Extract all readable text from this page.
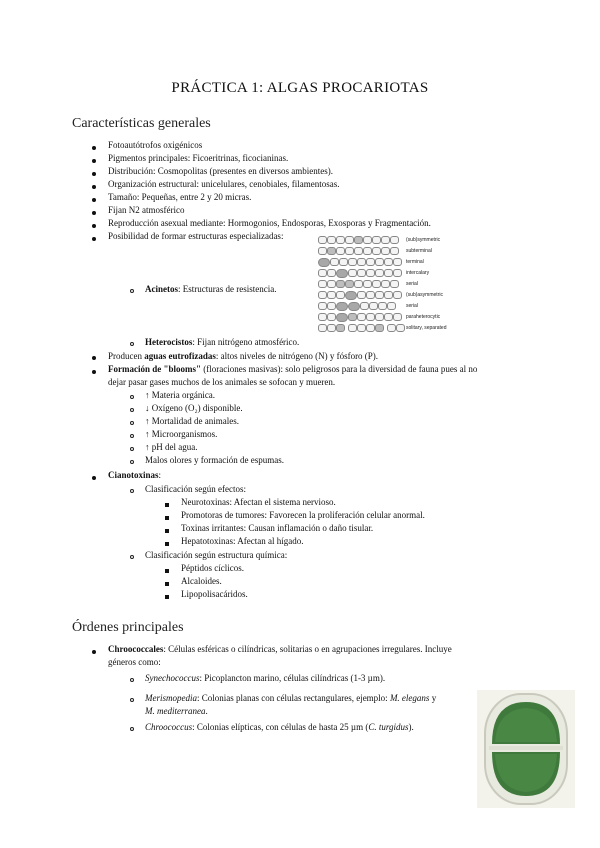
PRÁCTICA 1: ALGAS PROCARIOTAS
Características generales
Fotoautótrofos oxigénicos
Pigmentos principales: Ficoeritrinas, ficocianinas.
Distribución: Cosmopolitas (presentes en diversos ambientes).
Organización estructural: unicelulares, cenobiales, filamentosas.
Tamaño: Pequeñas, entre 2 y 20 micras.
Fijan N2 atmosférico
Reproducción asexual mediante: Hormogonios, Endosporas, Exosporas y Fragmentación.
Posibilidad de formar estructuras especializadas:	(sub)symmetric
subterminal
terminal
intercalary
serial
(sub)asymmetric
serial
paraheterocytic
solitary, separated
Acinetos: Estructuras de resistencia.
Heterocistos: Fijan nitrógeno atmosférico.
Producen aguas eutrofizadas: altos niveles de nitrógeno (N) y fósforo (P).
Formación de "blooms" (floraciones masivas): solo peligrosos para la diversidad de fauna pues al no
dejar pasar gases muchos de los animales se sofocan y mueren.
↑ Materia orgánica.
↓ Oxígeno (O₂) disponible.
↑ Mortalidad de animales.
↑ Microorganismos.
↑ pH del agua.
Malos olores y formación de espumas.
Cianotoxinas:
Clasificación según efectos:
Neurotoxinas: Afectan el sistema nervioso.
Promotoras de tumores: Favorecen la proliferación celular anormal.
Toxinas irritantes: Causan inflamación o daño tisular.
Hepatotoxinas: Afectan al hígado.
Clasificación según estructura química:
Péptidos cíclicos.
Alcaloides.
Lipopolisacáridos.
Órdenes principales
Chroococcales: Células esféricas o cilíndricas, solitarias o en agrupaciones irregulares. Incluye
géneros como:
Synechococcus: Picoplancton marino, células cilíndricas (1-3 µm).
Merismopedia: Colonias planas con células rectangulares, ejemplo: M. elegans y
M. mediterranea.
Chroococcus: Colonias elípticas, con células de hasta 25 µm (C. turgidus).
